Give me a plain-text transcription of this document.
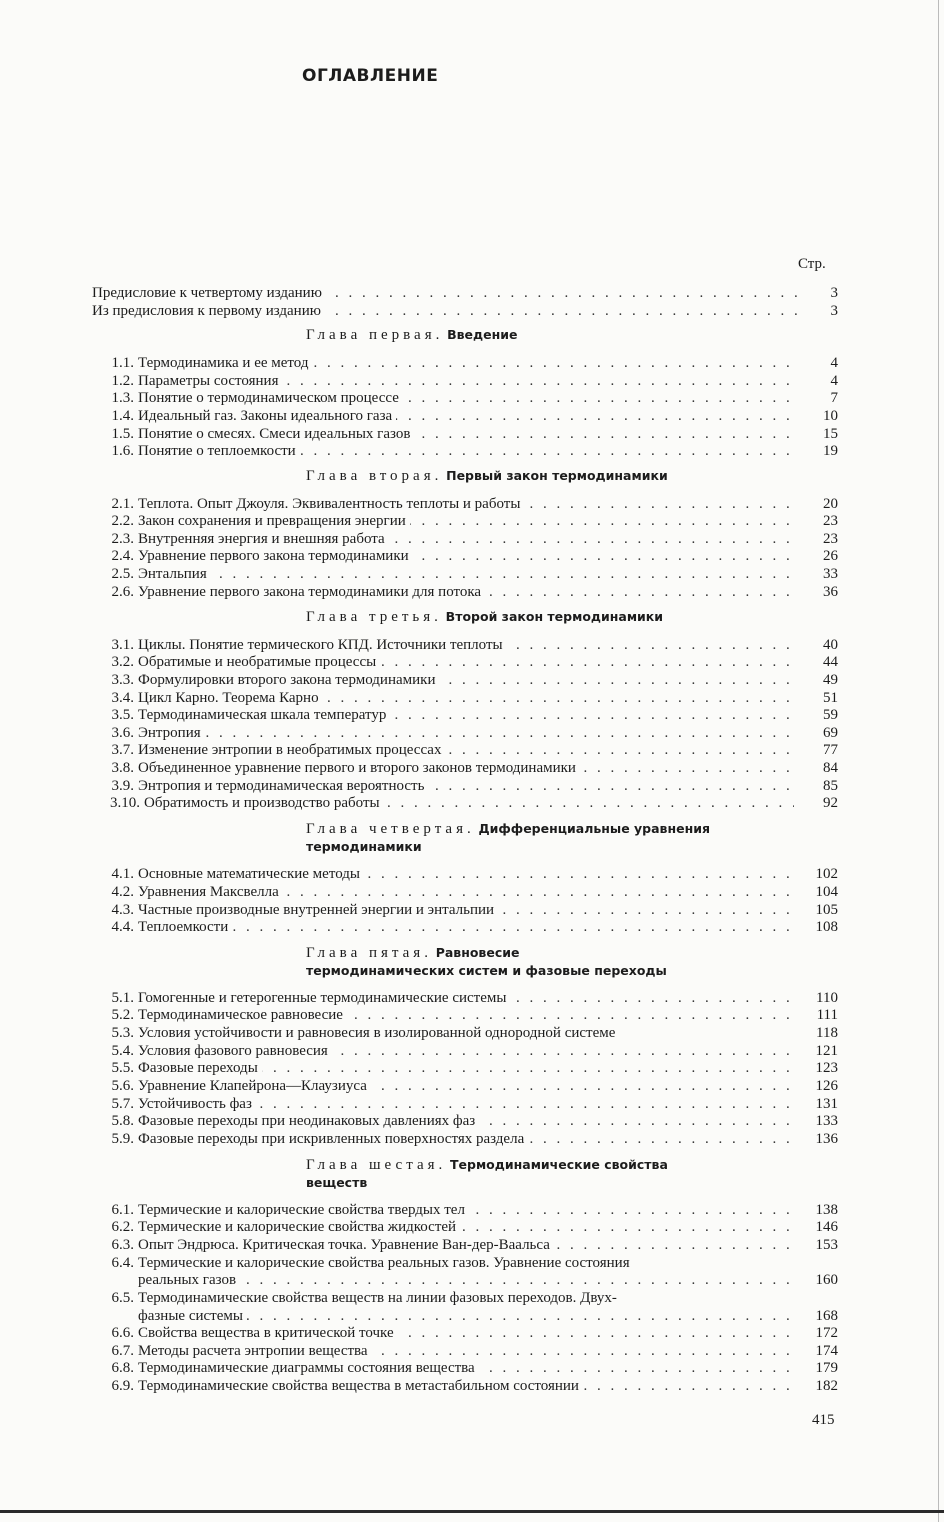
ОГЛАВЛЕНИЕ
Стр.
Предисловие к четвертому изданию . . .	3
Из предисловия к первому изданию . . .	3
Глава первая. Введение
1.1. Термодинамика и ее метод . . .	4
1.2. Параметры состояния . . .	4
1.3. Понятие о термодинамическом процессе . . .	7
1.4. Идеальный газ. Законы идеального газа . . .	10
1.5. Понятие о смесях. Смеси идеальных газов . . .	15
1.6. Понятие о теплоемкости . . .	19
Глава вторая. Первый закон термодинамики
2.1. Теплота. Опыт Джоуля. Эквивалентность теплоты и работы . . .	20
2.2. Закон сохранения и превращения энергии . . .	23
2.3. Внутренняя энергия и внешняя работа . . .	23
2.4. Уравнение первого закона термодинамики . . .	26
2.5. Энтальпия . . .	33
2.6. Уравнение первого закона термодинамики для потока . . .	36
Глава третья. Второй закон термодинамики
3.1. Циклы. Понятие термического КПД. Источники теплоты . . .	40
3.2. Обратимые и необратимые процессы . . .	44
3.3. Формулировки второго закона термодинамики . . .	49
3.4. Цикл Карно. Теорема Карно . . .	51
3.5. Термодинамическая шкала температур . . .	59
3.6. Энтропия . . .	69
3.7. Изменение энтропии в необратимых процессах . . .	77
3.8. Объединенное уравнение первого и второго законов термодинамики . . .	84
3.9. Энтропия и термодинамическая вероятность . . .	85
3.10. Обратимость и производство работы . . .	92
Глава четвертая. Дифференциальные уравнения
термодинамики
4.1. Основные математические методы . . .	102
4.2. Уравнения Максвелла . . .	104
4.3. Частные производные внутренней энергии и энтальпии . . .	105
4.4. Теплоемкости . . .	108
Глава пятая. Равновесие
термодинамических систем и фазовые переходы
5.1. Гомогенные и гетерогенные термодинамические системы . . .	110
5.2. Термодинамическое равновесие . . .	111
5.3. Условия устойчивости и равновесия в изолированной однородной системе	118
5.4. Условия фазового равновесия . . .	121
5.5. Фазовые переходы . . .	123
5.6. Уравнение Клапейрона—Клаузиуса . . .	126
5.7. Устойчивость фаз . . .	131
5.8. Фазовые переходы при неодинаковых давлениях фаз . . .	133
5.9. Фазовые переходы при искривленных поверхностях раздела . . .	136
Глава шестая. Термодинамические свойства
веществ
6.1. Термические и калорические свойства твердых тел . . .	138
6.2. Термические и калорические свойства жидкостей . . .	146
6.3. Опыт Эндрюса. Критическая точка. Уравнение Ван-дер-Ваальса . . .	153
6.4. Термические и калорические свойства реальных газов. Уравнение состояния
реальных газов . . .	160
6.5. Термодинамические свойства веществ на линии фазовых переходов. Двух-
фазные системы . . .	168
6.6. Свойства вещества в критической точке . . .	172
6.7. Методы расчета энтропии вещества . . .	174
6.8. Термодинамические диаграммы состояния вещества . . .	179
6.9. Термодинамические свойства вещества в метастабильном состоянии . . .	182
415
